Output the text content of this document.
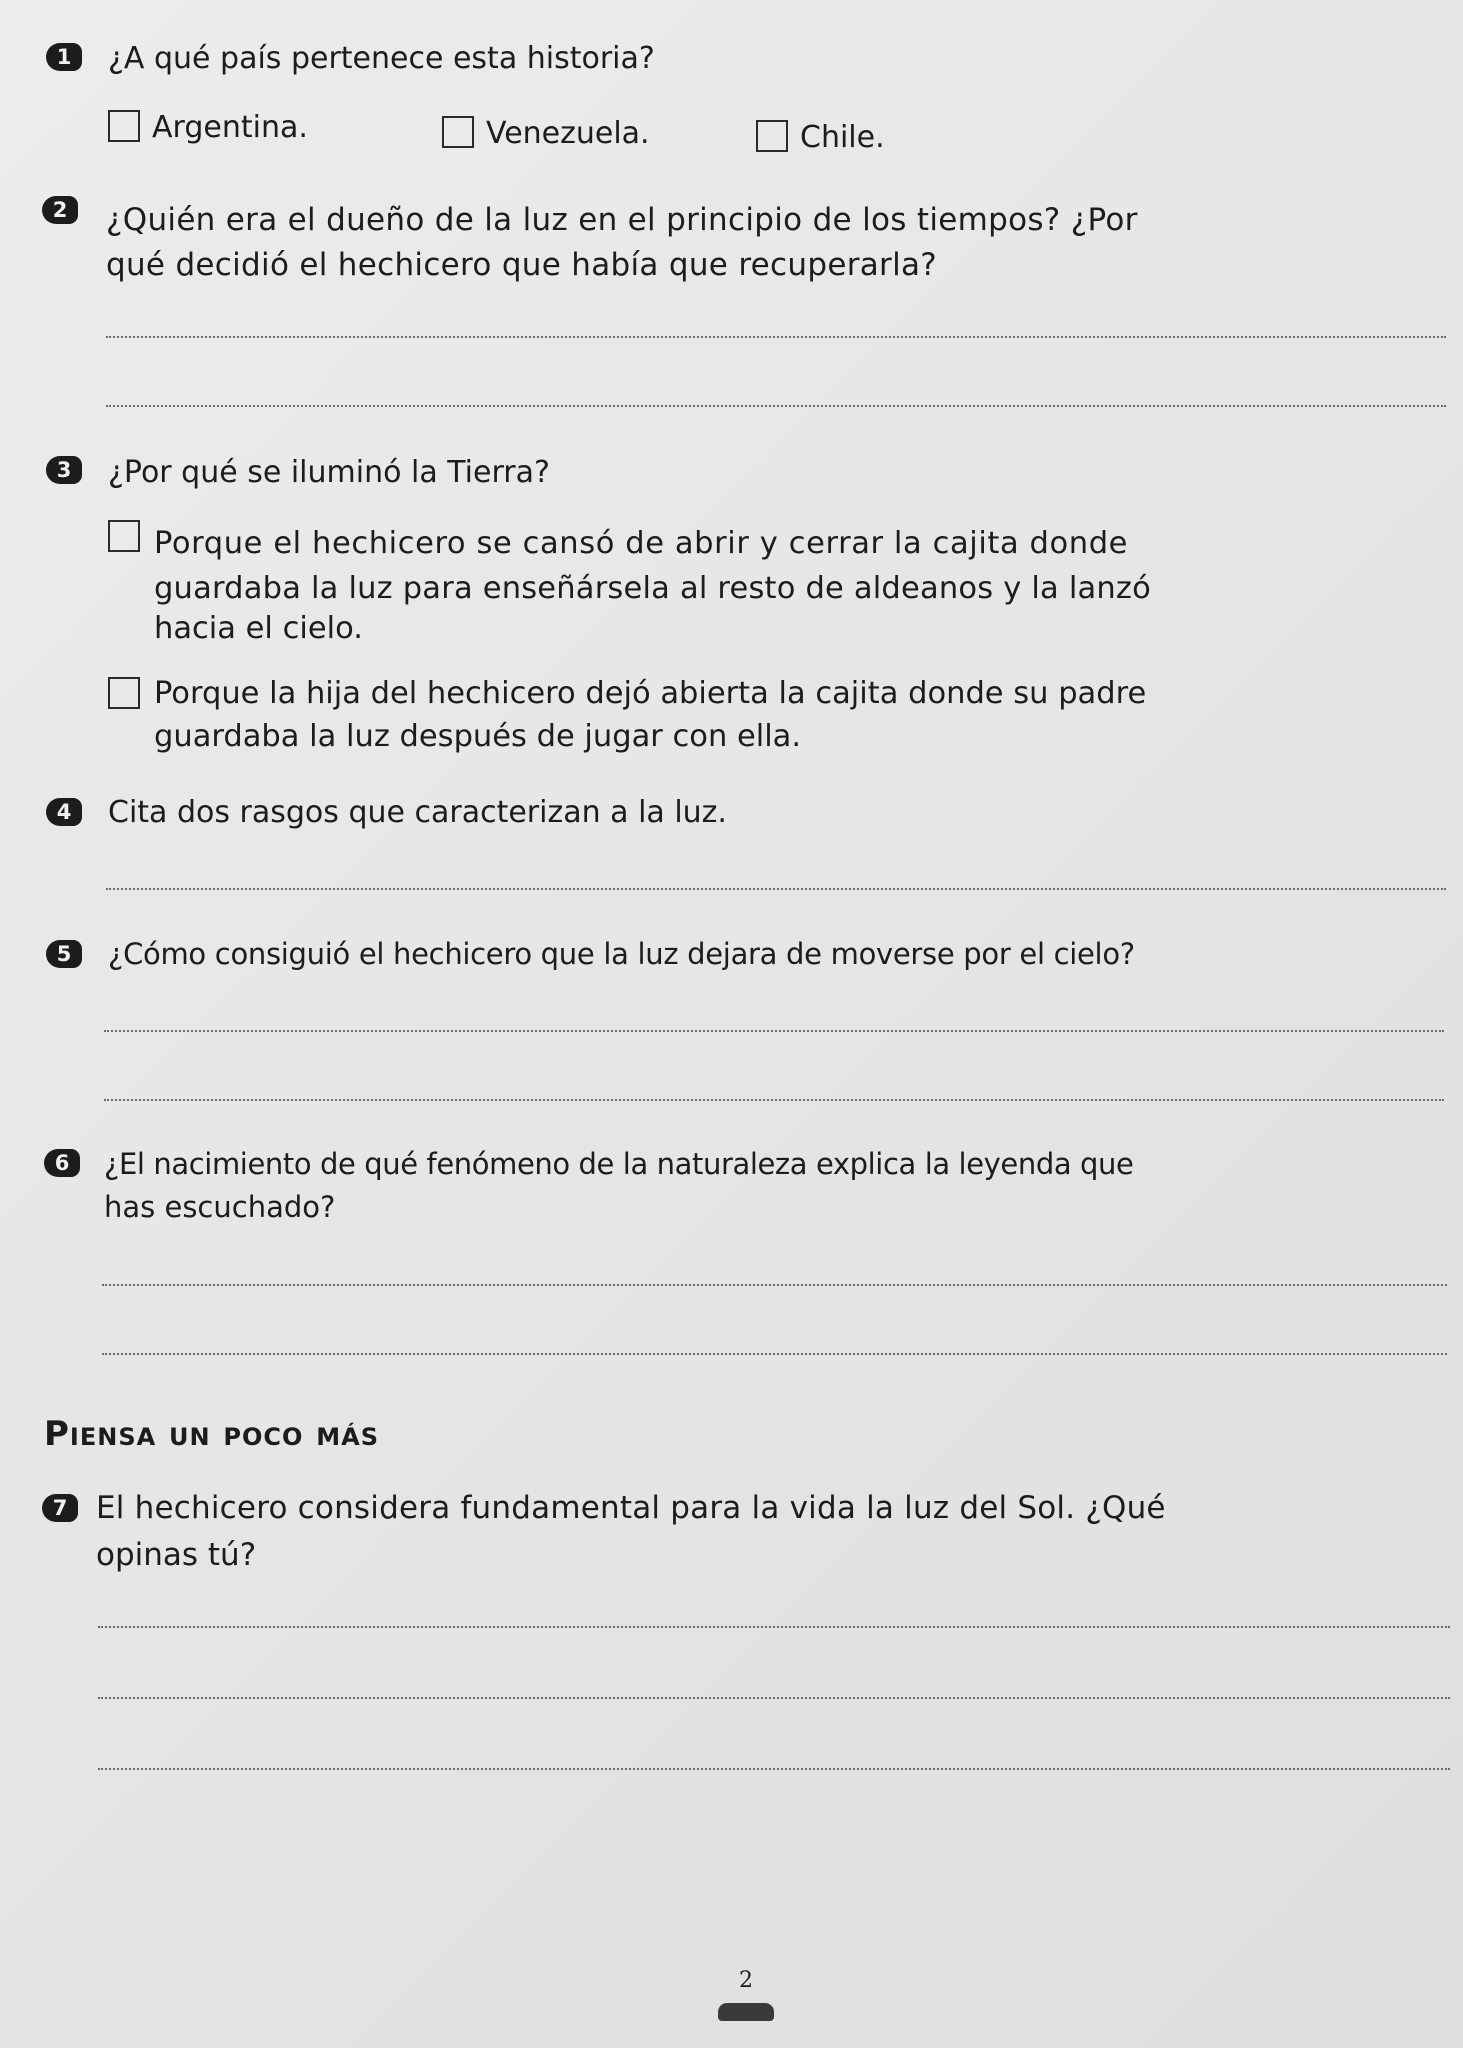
1 ¿A qué país pertenece esta historia?
Argentina.	Venezuela.	Chile.
2 ¿Quién era el dueño de la luz en el principio de los tiempos? ¿Por
qué decidió el hechicero que había que recuperarla?
3 ¿Por qué se iluminó la Tierra?
Porque el hechicero se cansó de abrir y cerrar la cajita donde
guardaba la luz para enseñársela al resto de aldeanos y la lanzó
hacia el cielo.
Porque la hija del hechicero dejó abierta la cajita donde su padre
guardaba la luz después de jugar con ella.
4 Cita dos rasgos que caracterizan a la luz.
5 ¿Cómo consiguió el hechicero que la luz dejara de moverse por el cielo?
6 ¿El nacimiento de qué fenómeno de la naturaleza explica la leyenda que
has escuchado?
Piensa un poco más
7 El hechicero considera fundamental para la vida la luz del Sol. ¿Qué
opinas tú?
2
